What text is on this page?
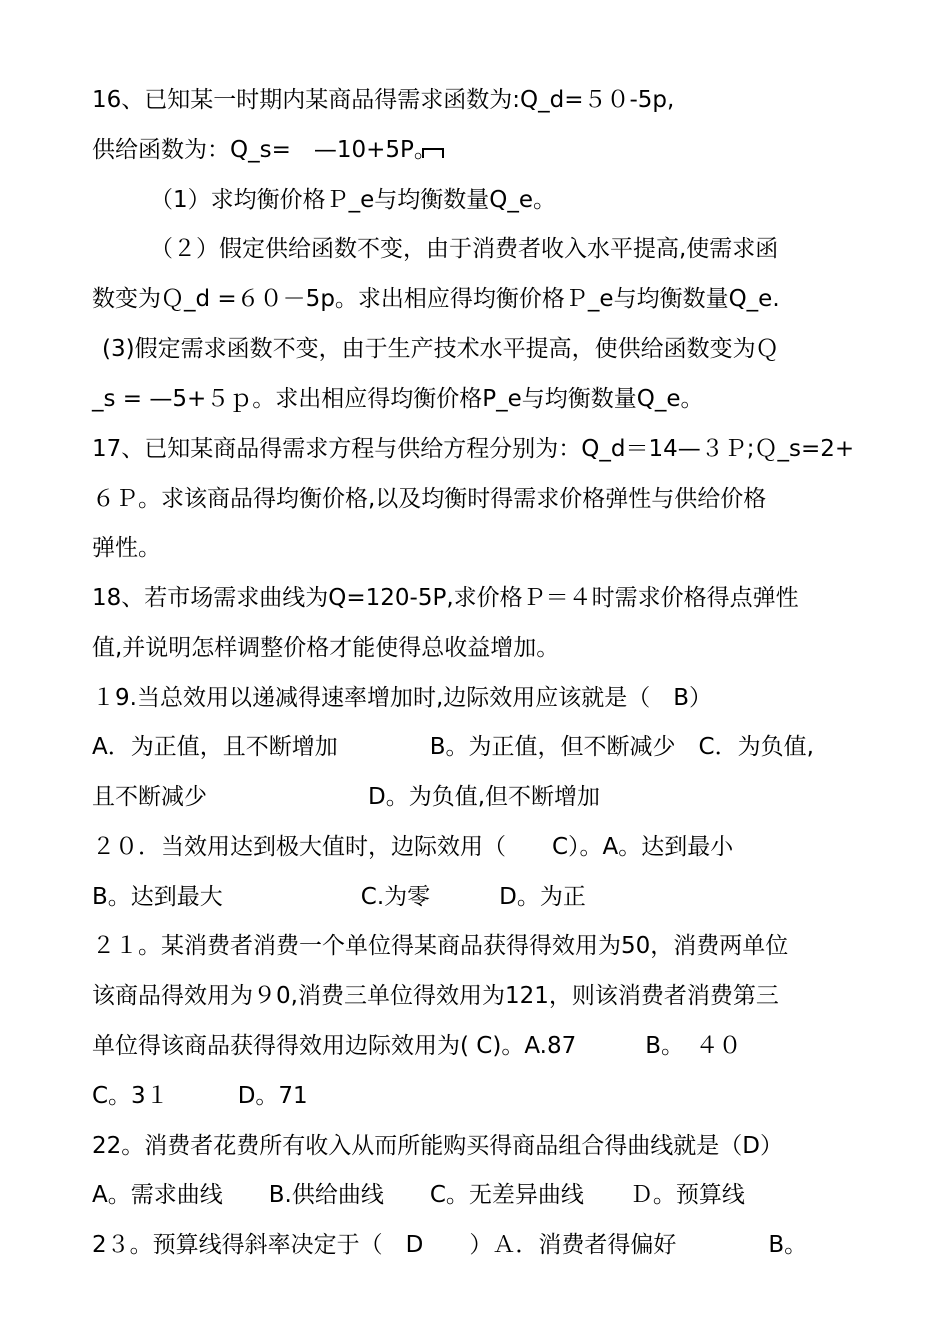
16、已知某一时期内某商品得需求函数为:Q_d=５０-5p,
供给函数为：Q_s=　—10+5P。
（1）求均衡价格Ｐ_e与均衡数量Q_e。
（２）假定供给函数不变，由于消费者收入水平提高,使需求函
数变为Ｑ_d =６０－5p。求出相应得均衡价格Ｐ_e与均衡数量Q_e.
(3)假定需求函数不变，由于生产技术水平提高，使供给函数变为Ｑ
_s = —5+５ｐ。求出相应得均衡价格P_e与均衡数量Q_e。
17、已知某商品得需求方程与供给方程分别为：Q_d＝14—３Ｐ;Ｑ_s=2+
６Ｐ。求该商品得均衡价格,以及均衡时得需求价格弹性与供给价格
弹性。
18、若市场需求曲线为Q=120-5P,求价格Ｐ＝４时需求价格得点弹性
值,并说明怎样调整价格才能使得总收益增加。
１9.当总效用以递减得速率增加时,边际效用应该就是（　B）
A．为正值，且不断增加　　　　B。为正值，但不断减少　C．为负值,
且不断减少　　　　　　　D。为负值,但不断增加
２０．当效用达到极大值时，边际效用（　　C）。A。达到最小
B。达到最大　　　　　　C.为零　　　D。为正
２１。某消费者消费一个单位得某商品获得得效用为50，消费两单位
该商品得效用为９0,消费三单位得效用为121，则该消费者消费第三
单位得该商品获得得效用边际效用为( C)。A.87　　　B。　４０
C。3１　　　D。71
22。消费者花费所有收入从而所能购买得商品组合得曲线就是（D）
A。需求曲线　　B.供给曲线　　C。无差异曲线　　Ｄ。预算线
2３。预算线得斜率决定于（　D　　）Ａ．消费者得偏好　　　　B。
